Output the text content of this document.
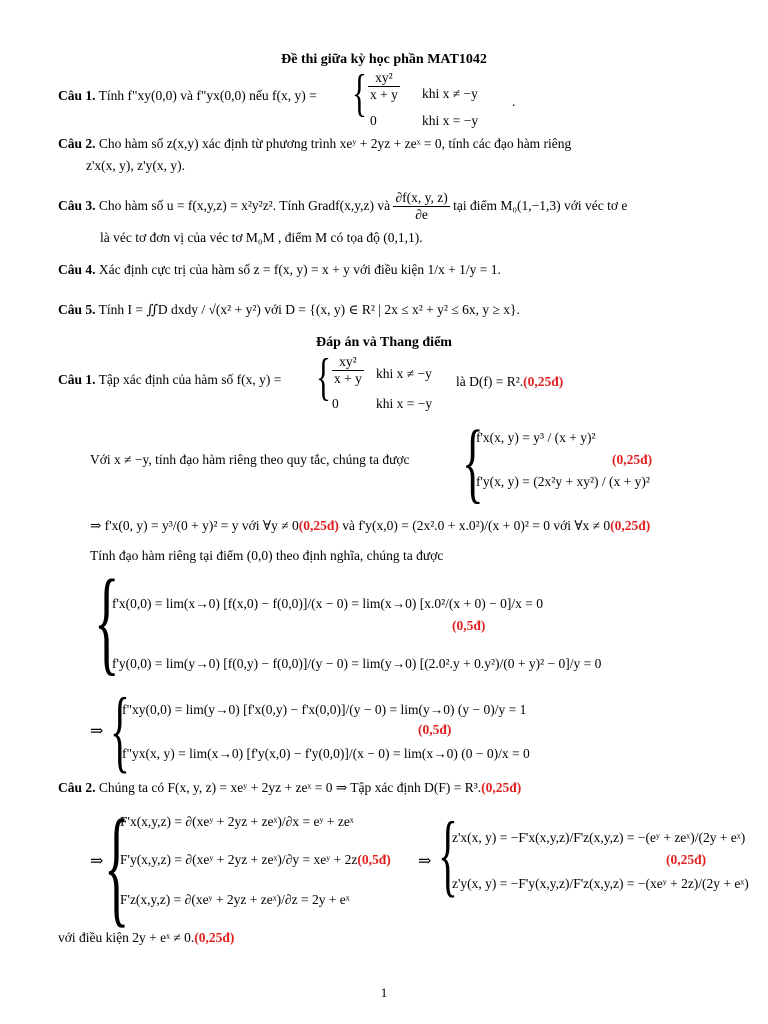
Đề thi giữa kỳ học phần MAT1042
Câu 1. Tính f"xy(0,0) và f"yx(0,0) nếu f(x, y) = { $\frac{\text{xy²}}{x + y}$ khi x ≠ −y
0	khi x = −y
.
Câu 2. Cho hàm số z(x,y) xác định từ phương trình xeʸ + 2yz + zeˣ = 0, tính các đạo hàm riêng
z'x(x, y), z'y(x, y).
Câu 3. Cho hàm số u = f(x,y,z) = x²y²z². Tính Gradf(x,y,z) và $\frac{\partial f(x, y, z)}{\partial e}$ tại điểm M₀(1,−1,3) với véc tơ e
là véc tơ đơn vị của véc tơ M₀M , điểm M có tọa độ (0,1,1).
Câu 4. Xác định cực trị của hàm số z = f(x, y) = x + y với điều kiện 1/x + 1/y = 1.
Câu 5. Tính I = ∬D dxdy / √(x² + y²) với D = {(x, y) ∈ R² | 2x ≤ x² + y² ≤ 6x, y ≥ x}.
Đáp án và Thang điểm
Câu 1. Tập xác định của hàm số f(x, y) = { $\frac{\text{xy²}}{x + y}$ khi x ≠ −y
0	khi x = −y
là D(f) = R².(0,25đ)
Với x ≠ −y, tính đạo hàm riêng theo quy tắc, chúng ta được {
f'x(x, y) = y³ / (x + y)²
f'y(x, y) = (2x²y + xy²) / (x + y)²
(0,25đ)
⇒ f'x(0, y) = y³/(0 + y)² = y với ∀y ≠ 0(0,25đ) và f'y(x,0) = (2x².0 + x.0²)/(x + 0)² = 0 với ∀x ≠ 0(0,25đ)
Tính đạo hàm riêng tại điểm (0,0) theo định nghĩa, chúng ta được
{
f'x(0,0) = lim(x→0) [f(x,0) − f(0,0)]/(x − 0) = lim(x→0) [x.0²/(x + 0) − 0]/x = 0
f'y(0,0) = lim(y→0) [f(0,y) − f(0,0)]/(y − 0) = lim(y→0) [(2.0².y + 0.y²)/(0 + y)² − 0]/y = 0
(0,5đ)
⇒ {
f"xy(0,0) = lim(y→0) [f'x(0,y) − f'x(0,0)]/(y − 0) = lim(y→0) (y − 0)/y = 1
f"yx(x, y) = lim(x→0) [f'y(x,0) − f'y(0,0)]/(x − 0) = lim(x→0) (0 − 0)/x = 0
(0,5đ)
Câu 2. Chúng ta có F(x, y, z) = xeʸ + 2yz + zeˣ = 0 ⇒ Tập xác định D(F) = R³.(0,25đ)
⇒ {
F'x(x,y,z) = ∂(xeʸ + 2yz + zeˣ)/∂x = eʸ + zeˣ
F'y(x,y,z) = ∂(xeʸ + 2yz + zeˣ)/∂y = xeʸ + 2z(0,5đ)
F'z(x,y,z) = ∂(xeʸ + 2yz + zeˣ)/∂z = 2y + eˣ
⇒ {
z'x(x, y) = −F'x(x,y,z)/F'z(x,y,z) = −(eʸ + zeˣ)/(2y + eˣ)
z'y(x, y) = −F'y(x,y,z)/F'z(x,y,z) = −(xeʸ + 2z)/(2y + eˣ)
(0,25đ)
với điều kiện 2y + eˣ ≠ 0.(0,25đ)
1
